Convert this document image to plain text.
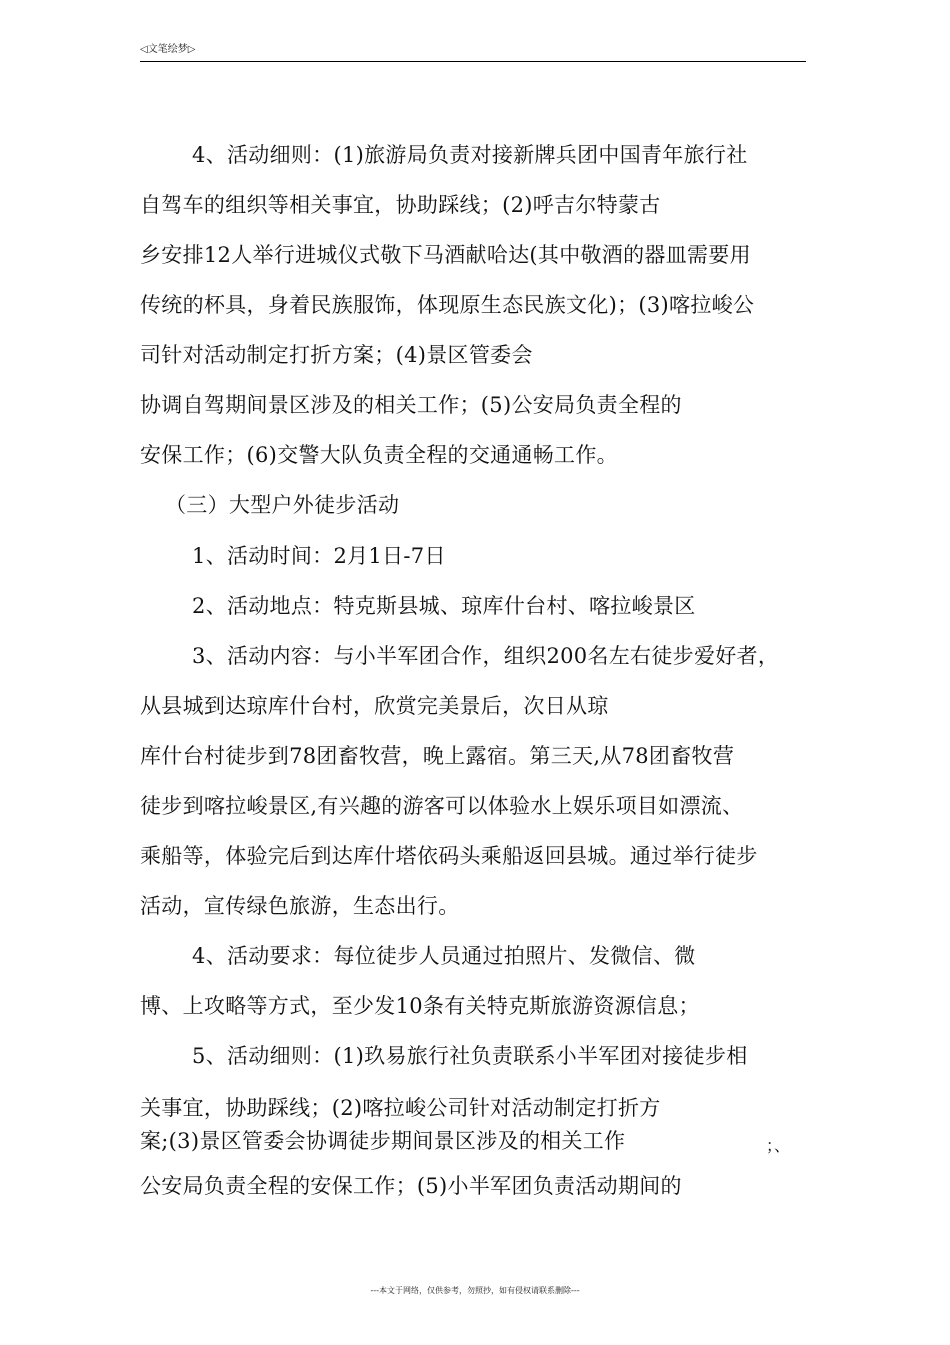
◁文笔绘梦▷
4、活动细则：(1)旅游局负责对接新牌兵团中国青年旅行社
自驾车的组织等相关事宜，协助踩线；(2)呼吉尔特蒙古
乡安排12人举行进城仪式敬下马酒献哈达(其中敬酒的器皿需要用
传统的杯具，身着民族服饰，体现原生态民族文化)；(3)喀拉峻公
司针对活动制定打折方案；(4)景区管委会
协调自驾期间景区涉及的相关工作；(5)公安局负责全程的
安保工作；(6)交警大队负责全程的交通通畅工作。
（三）大型户外徒步活动
1、活动时间：2月1日-7日
2、活动地点：特克斯县城、琼库什台村、喀拉峻景区
3、活动内容：与小半军团合作，组织200名左右徒步爱好者，
从县城到达琼库什台村，欣赏完美景后，次日从琼
库什台村徒步到78团畜牧营，晚上露宿。第三天,从78团畜牧营
徒步到喀拉峻景区,有兴趣的游客可以体验水上娱乐项目如漂流、
乘船等，体验完后到达库什塔依码头乘船返回县城。通过举行徒步
活动，宣传绿色旅游，生态出行。
4、活动要求：每位徒步人员通过拍照片、发微信、微
博、上攻略等方式，至少发10条有关特克斯旅游资源信息；
5、活动细则：(1)玖易旅行社负责联系小半军团对接徒步相
关事宜，协助踩线；(2)喀拉峻公司针对活动制定打折方
案;(3)景区管委会协调徒步期间景区涉及的相关工作	；、
公安局负责全程的安保工作；(5)小半军团负责活动期间的
---本文于网络，仅供参考，勿照抄，如有侵权请联系删除---
